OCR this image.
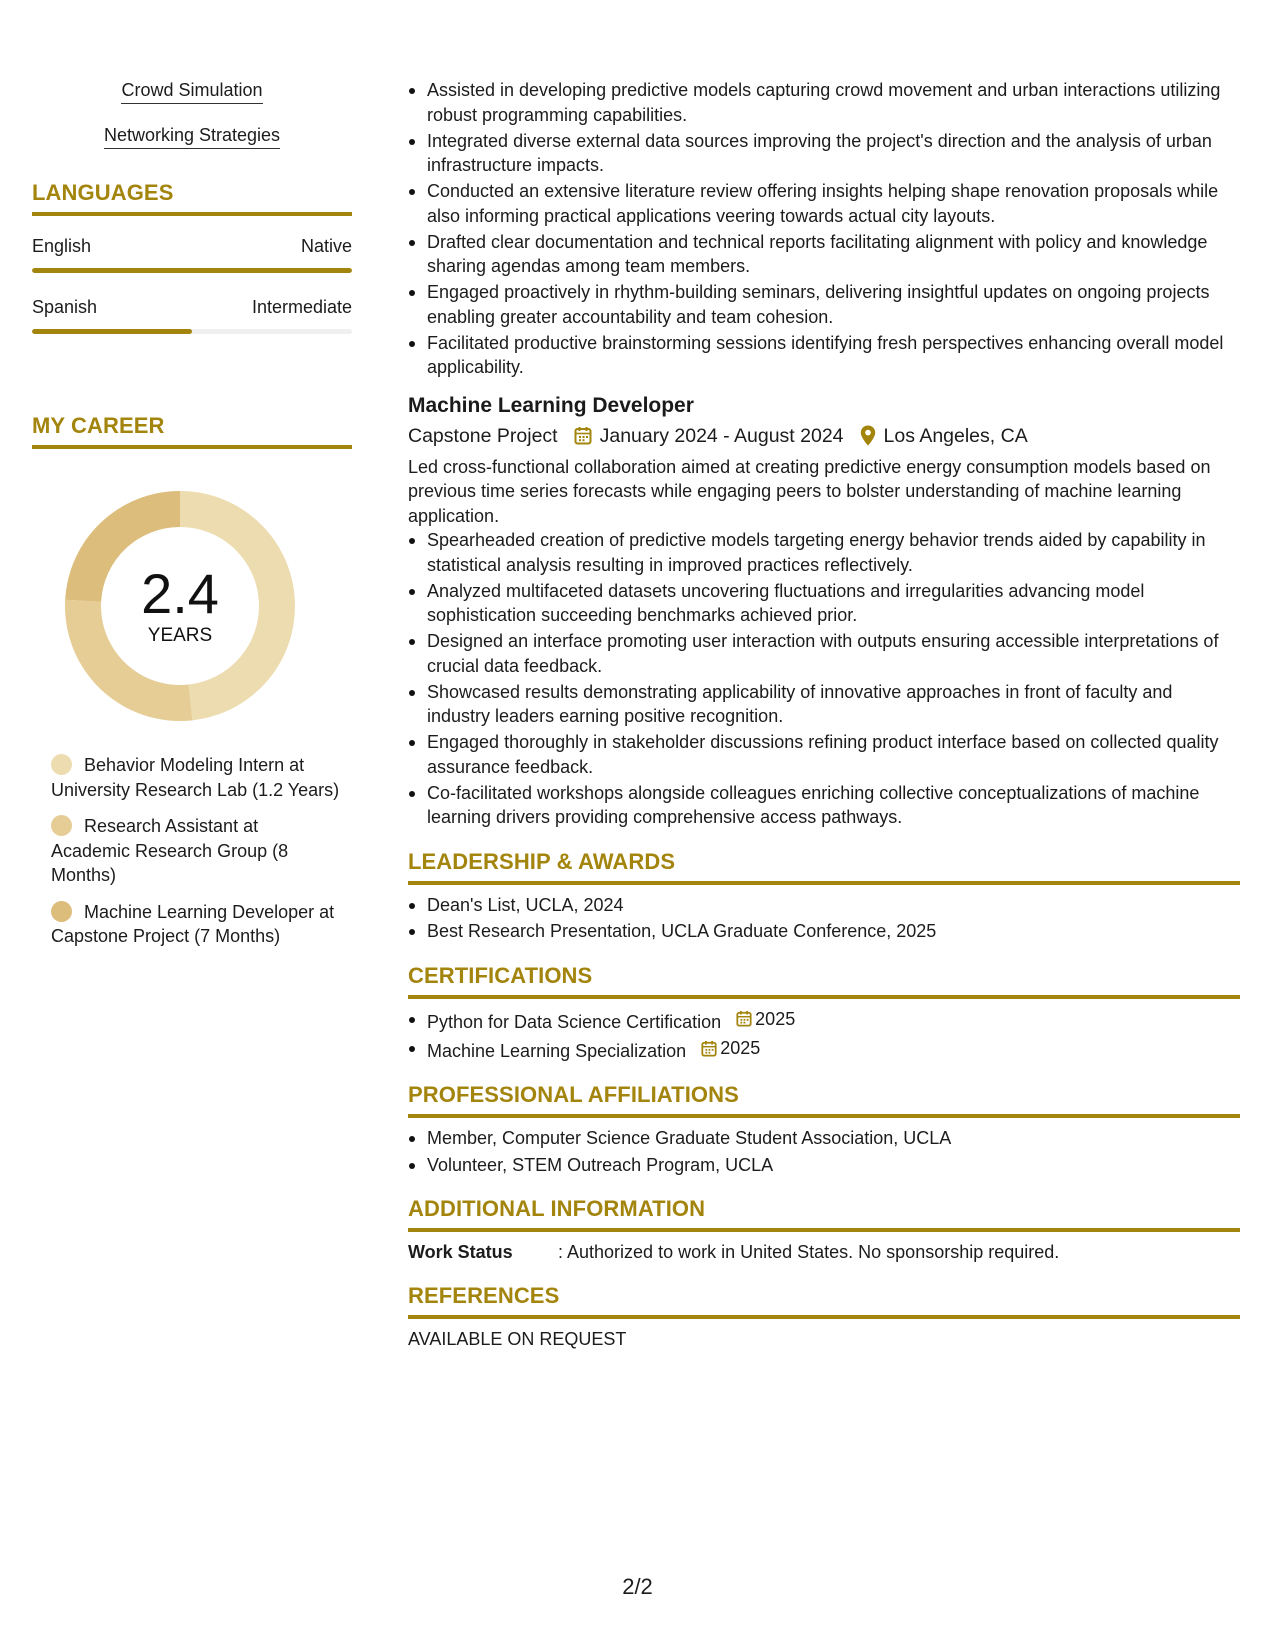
Crowd Simulation
Networking Strategies
LANGUAGES
English	Native
Spanish	Intermediate
MY CAREER
2.4
YEARS
Behavior Modeling Intern at University Research Lab (1.2 Years)
Research Assistant at Academic Research Group (8 Months)
Machine Learning Developer at Capstone Project (7 Months)
Assisted in developing predictive models capturing crowd movement and urban interactions utilizing robust programming capabilities.
Integrated diverse external data sources improving the project's direction and the analysis of urban infrastructure impacts.
Conducted an extensive literature review offering insights helping shape renovation proposals while also informing practical applications veering towards actual city layouts.
Drafted clear documentation and technical reports facilitating alignment with policy and knowledge sharing agendas among team members.
Engaged proactively in rhythm-building seminars, delivering insightful updates on ongoing projects enabling greater accountability and team cohesion.
Facilitated productive brainstorming sessions identifying fresh perspectives enhancing overall model applicability.
Machine Learning Developer
Capstone Project January 2024 - August 2024 Los Angeles, CA
Led cross-functional collaboration aimed at creating predictive energy consumption models based on previous time series forecasts while engaging peers to bolster understanding of machine learning application.
Spearheaded creation of predictive models targeting energy behavior trends aided by capability in statistical analysis resulting in improved practices reflectively.
Analyzed multifaceted datasets uncovering fluctuations and irregularities advancing model sophistication succeeding benchmarks achieved prior.
Designed an interface promoting user interaction with outputs ensuring accessible interpretations of crucial data feedback.
Showcased results demonstrating applicability of innovative approaches in front of faculty and industry leaders earning positive recognition.
Engaged thoroughly in stakeholder discussions refining product interface based on collected quality assurance feedback.
Co-facilitated workshops alongside colleagues enriching collective conceptualizations of machine learning drivers providing comprehensive access pathways.
LEADERSHIP & AWARDS
Dean's List, UCLA, 2024
Best Research Presentation, UCLA Graduate Conference, 2025
CERTIFICATIONS
Python for Data Science Certification 2025
Machine Learning Specialization 2025
PROFESSIONAL AFFILIATIONS
Member, Computer Science Graduate Student Association, UCLA
Volunteer, STEM Outreach Program, UCLA
ADDITIONAL INFORMATION
Work Status	: Authorized to work in United States. No sponsorship required.
REFERENCES
AVAILABLE ON REQUEST
2/2
